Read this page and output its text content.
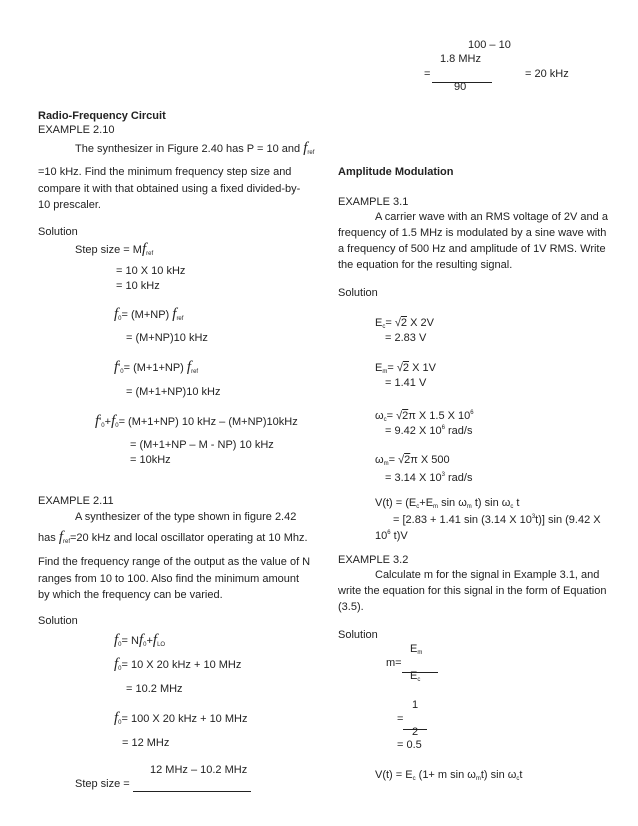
100 – 10
1.8 MHz
=
90
= 20 kHz
Radio-Frequency Circuit
EXAMPLE 2.10
The synthesizer in Figure 2.40 has P = 10 and $f_{ref}$
=10 kHz. Find the minimum frequency step size and
compare it with that obtained using a fixed divided-by-
10 prescaler.
Solution
Step size = $Mf_{ref}$
= 10 X 10 kHz
= 10 kHz
$f_0= (M+NP)$ $f_{ref}$
= (M+NP)10 kHz
$f'_0= (M+1+NP)$ $f_{ref}$
= (M+1+NP)10 kHz
$f'_0+f_0= (M+1+NP)$ 10 kHz – (M+NP)10kHz
= (M+1+NP – M - NP) 10 kHz
= 10kHz
EXAMPLE 2.11
A synthesizer of the type shown in figure 2.42
has $f_{ref}=20$ kHz and local oscillator operating at 10 Mhz.
Find the frequency range of the output as the value of N
ranges from 10 to 100. Also find the minimum amount
by which the frequency can be varied.
Solution
$f_0= Nf_0+f_{LO}$
$f_0= 10$ X 20 kHz + 10 MHz
= 10.2 MHz
$f_0= 100$ X 20 kHz + 10 MHz
= 12 MHz
12 MHz – 10.2 MHz
Step size =
Amplitude Modulation
EXAMPLE 3.1
A carrier wave with an RMS voltage of 2V and a
frequency of 1.5 MHz is modulated by a sine wave with
a frequency of 500 Hz and amplitude of 1V RMS. Write
the equation for the resulting signal.
Solution
$E_c= √2$ X 2V
= 2.83 V
$E_m= √2$ X 1V
= 1.41 V
$\omega_c= √2\pi$ X 1.5 X $10^6$
= 9.42 X $10^6$ rad/s
$\omega_m= √2\pi$ X 500
= 3.14 X $10^3$ rad/s
$V(t) = (E_c+E_m$ $\sin \omega_m$ t) $\sin \omega_c$ t
= [2.83 + 1.41 sin (3.14 X $10^3t$)] sin (9.42 X
$10^6$ t)V
EXAMPLE 3.2
Calculate m for the signal in Example 3.1, and
write the equation for this signal in the form of Equation
(3.5).
Solution
$E_m$
m=
$E_c$
1
=
2
= 0.5
$V(t) = E_c$ (1+ m $\sin \omega_mt$) $\sin \omega_ct$
